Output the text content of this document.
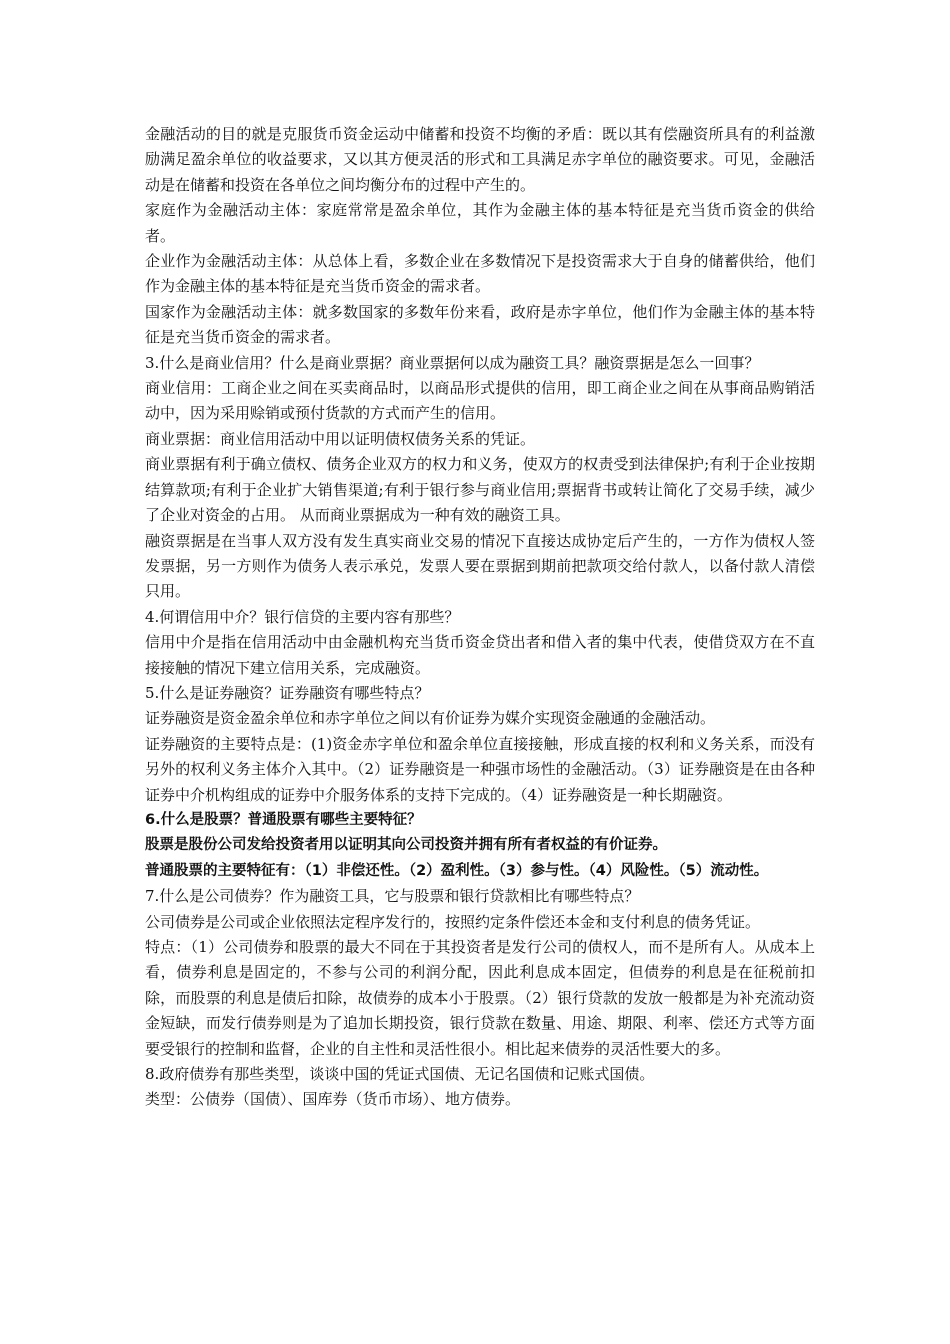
金融活动的目的就是克服货币资金运动中储蓄和投资不均衡的矛盾：既以其有偿融资所具有的利益激励满足盈余单位的收益要求，又以其方便灵活的形式和工具满足赤字单位的融资要求。可见，金融活动是在储蓄和投资在各单位之间均衡分布的过程中产生的。

家庭作为金融活动主体：家庭常常是盈余单位，其作为金融主体的基本特征是充当货币资金的供给者。

企业作为金融活动主体：从总体上看，多数企业在多数情况下是投资需求大于自身的储蓄供给，他们作为金融主体的基本特征是充当货币资金的需求者。

国家作为金融活动主体：就多数国家的多数年份来看，政府是赤字单位，他们作为金融主体的基本特征是充当货币资金的需求者。

3.什么是商业信用？什么是商业票据？商业票据何以成为融资工具？融资票据是怎么一回事？

商业信用：工商企业之间在买卖商品时，以商品形式提供的信用，即工商企业之间在从事商品购销活动中，因为采用赊销或预付货款的方式而产生的信用。

商业票据：商业信用活动中用以证明债权债务关系的凭证。

商业票据有利于确立债权、债务企业双方的权力和义务，使双方的权责受到法律保护;有利于企业按期结算款项;有利于企业扩大销售渠道;有利于银行参与商业信用;票据背书或转让简化了交易手续，减少了企业对资金的占用。 从而商业票据成为一种有效的融资工具。

融资票据是在当事人双方没有发生真实商业交易的情况下直接达成协定后产生的，一方作为债权人签发票据，另一方则作为债务人表示承兑，发票人要在票据到期前把款项交给付款人，以备付款人清偿只用。

4.何谓信用中介？银行信贷的主要内容有那些？

信用中介是指在信用活动中由金融机构充当货币资金贷出者和借入者的集中代表，使借贷双方在不直接接触的情况下建立信用关系，完成融资。

5.什么是证券融资？证券融资有哪些特点？

证券融资是资金盈余单位和赤字单位之间以有价证券为媒介实现资金融通的金融活动。

证券融资的主要特点是：(1)资金赤字单位和盈余单位直接接触，形成直接的权利和义务关系，而没有另外的权利义务主体介入其中。（2）证券融资是一种强市场性的金融活动。（3）证券融资是在由各种证券中介机构组成的证券中介服务体系的支持下完成的。（4）证券融资是一种长期融资。

6.什么是股票？普通股票有哪些主要特征？

股票是股份公司发给投资者用以证明其向公司投资并拥有所有者权益的有价证券。

普通股票的主要特征有：（1）非偿还性。（2）盈利性。（3）参与性。（4）风险性。（5）流动性。

7.什么是公司债券？作为融资工具，它与股票和银行贷款相比有哪些特点？

公司债券是公司或企业依照法定程序发行的，按照约定条件偿还本金和支付利息的债务凭证。

特点：（1）公司债券和股票的最大不同在于其投资者是发行公司的债权人，而不是所有人。从成本上看，债券利息是固定的，不参与公司的利润分配，因此利息成本固定，但债券的利息是在征税前扣除，而股票的利息是债后扣除，故债券的成本小于股票。（2）银行贷款的发放一般都是为补充流动资金短缺，而发行债券则是为了追加长期投资，银行贷款在数量、用途、期限、利率、偿还方式等方面要受银行的控制和监督，企业的自主性和灵活性很小。相比起来债券的灵活性要大的多。

8.政府债券有那些类型，谈谈中国的凭证式国债、无记名国债和记账式国债。

类型：公债券（国债）、国库券（货币市场）、地方债券。
